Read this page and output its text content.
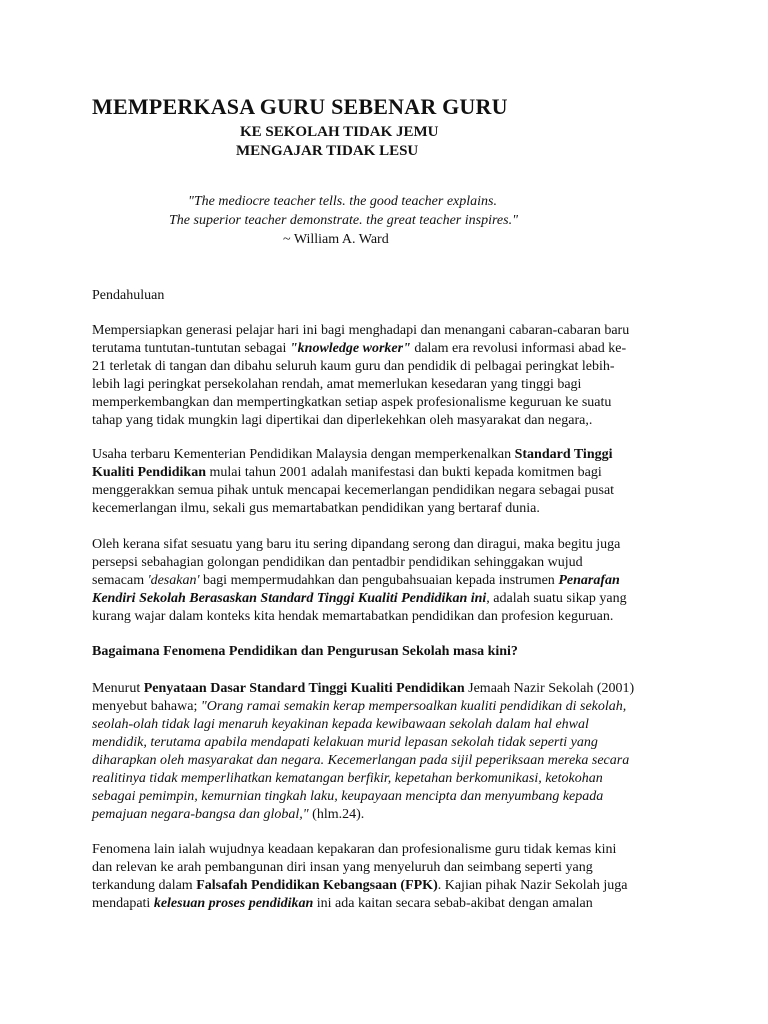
MEMPERKASA GURU SEBENAR GURU
KE SEKOLAH TIDAK JEMU
MENGAJAR TIDAK LESU
"The mediocre teacher tells. the good teacher explains.
The superior teacher demonstrate. the great teacher inspires."
~ William A. Ward
Pendahuluan
Mempersiapkan generasi pelajar hari ini bagi menghadapi dan menangani cabaran-cabaran baru
terutama tuntutan-tuntutan sebagai "knowledge worker" dalam era revolusi informasi abad ke-
21 terletak di tangan dan dibahu seluruh kaum guru dan pendidik di pelbagai peringkat lebih-
lebih lagi peringkat persekolahan rendah, amat memerlukan kesedaran yang tinggi bagi
memperkembangkan dan mempertingkatkan setiap aspek profesionalisme keguruan ke suatu
tahap yang tidak mungkin lagi dipertikai dan diperlekehkan oleh masyarakat dan negara,.
Usaha terbaru Kementerian Pendidikan Malaysia dengan memperkenalkan Standard Tinggi
Kualiti Pendidikan mulai tahun 2001 adalah manifestasi dan bukti kepada komitmen bagi
menggerakkan semua pihak untuk mencapai kecemerlangan pendidikan negara sebagai pusat
kecemerlangan ilmu, sekali gus memartabatkan pendidikan yang bertaraf dunia.
Oleh kerana sifat sesuatu yang baru itu sering dipandang serong dan diragui, maka begitu juga
persepsi sebahagian golongan pendidikan dan pentadbir pendidikan sehinggakan wujud
semacam 'desakan' bagi mempermudahkan dan pengubahsuaian kepada instrumen Penarafan
Kendiri Sekolah Berasaskan Standard Tinggi Kualiti Pendidikan ini, adalah suatu sikap yang
kurang wajar dalam konteks kita hendak memartabatkan pendidikan dan profesion keguruan.
Bagaimana Fenomena Pendidikan dan Pengurusan Sekolah masa kini?
Menurut Penyataan Dasar Standard Tinggi Kualiti Pendidikan Jemaah Nazir Sekolah (2001)
menyebut bahawa; "Orang ramai semakin kerap mempersoalkan kualiti pendidikan di sekolah,
seolah-olah tidak lagi menaruh keyakinan kepada kewibawaan sekolah dalam hal ehwal
mendidik, terutama apabila mendapati kelakuan murid lepasan sekolah tidak seperti yang
diharapkan oleh masyarakat dan negara. Kecemerlangan pada sijil peperiksaan mereka secara
realitinya tidak memperlihatkan kematangan berfikir, kepetahan berkomunikasi, ketokohan
sebagai pemimpin, kemurnian tingkah laku, keupayaan mencipta dan menyumbang kepada
pemajuan negara-bangsa dan global," (hlm.24).
Fenomena lain ialah wujudnya keadaan kepakaran dan profesionalisme guru tidak kemas kini
dan relevan ke arah pembangunan diri insan yang menyeluruh dan seimbang seperti yang
terkandung dalam Falsafah Pendidikan Kebangsaan (FPK). Kajian pihak Nazir Sekolah juga
mendapati kelesuan proses pendidikan ini ada kaitan secara sebab-akibat dengan amalan
